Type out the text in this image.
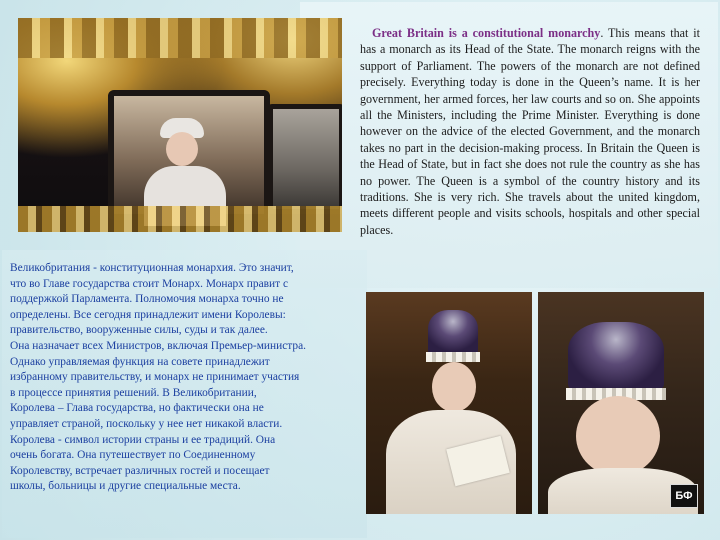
БФ

Great Britain is a constitutional monarchy. This means that it has a monarch as its Head of the State. The monarch reigns with the support of Parliament. The powers of the monarch are not defined precisely. Everything today is done in the Queen’s name. It is her government, her armed forces, her law courts and so on. She appoints all the Ministers, including the Prime Minister. Everything is done however on the advice of the elected Government, and the monarch takes no part in the decision-making process. In Britain the Queen is the Head of State, but in fact she does not rule the country as she has no power. The Queen is a symbol of the country history and its traditions. She is very rich. She travels about the united kingdom, meets different people and visits schools, hospitals and other special places.

Великобритания - конституционная монархия. Это значит,
что во Главе государства стоит Монарх. Монарх правит с
поддержкой Парламента. Полномочия монарха точно не
определены. Все сегодня принадлежит имени Королевы:
правительство, вооруженные силы, суды и так далее.
Она назначает всех Министров, включая Премьер-министра.
Однако управляемая функция на совете принадлежит
избранному правительству, и монарх не принимает участия
в процессе принятия решений. В Великобритании,
Королева – Глава государства, но фактически она не
управляет страной, поскольку у нее нет никакой власти.
Королева - символ истории страны и ее традиций. Она
очень богата. Она путешествует по Соединенному
Королевству, встречает различных гостей и посещает
школы, больницы и другие специальные места.
